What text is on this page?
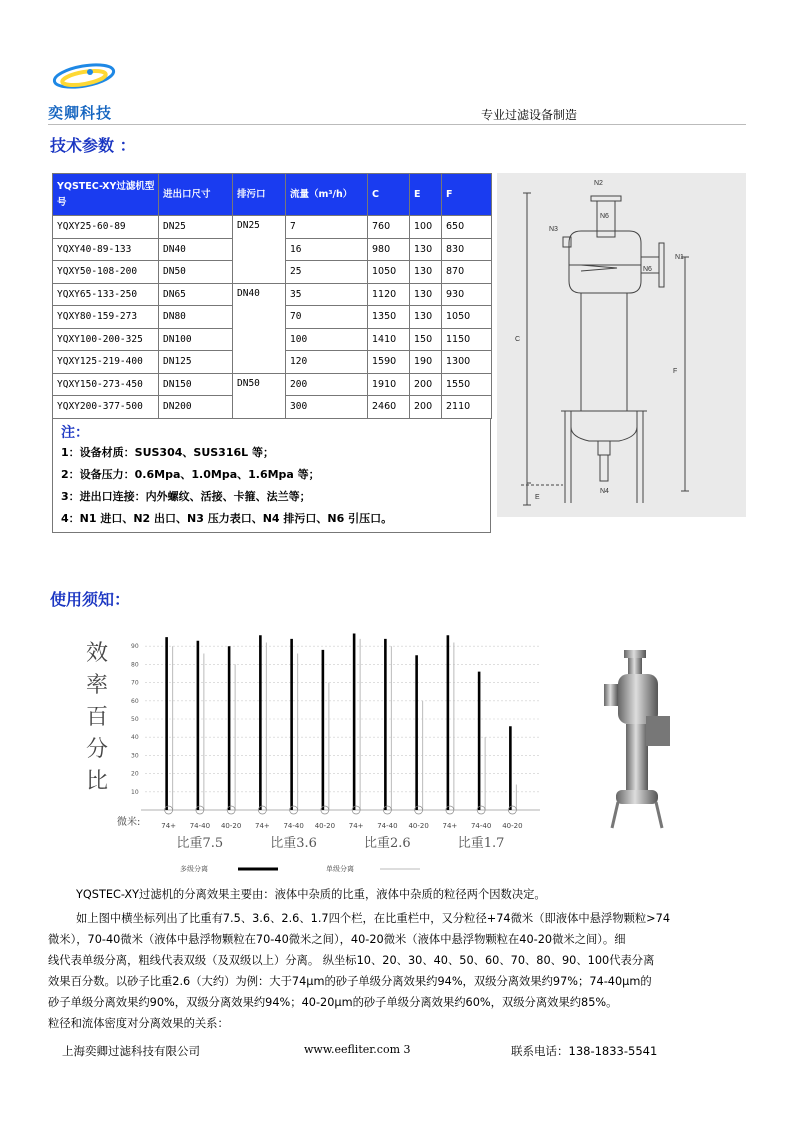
奕卿科技	专业过滤设备制造
技术参数 ：
YQSTEC-XY过滤机型号	进出口尺寸	排污口	流量（m³/h）	C	E	F
YQXY25-60-89	DN25	DN25	7	760	100	650
YQXY40-89-133	DN40		16	980	130	830
YQXY50-108-200	DN50		25	1050	130	870
YQXY65-133-250	DN65	DN40	35	1120	130	930
YQXY80-159-273	DN80		70	1350	130	1050
YQXY100-200-325	DN100		100	1410	150	1150
YQXY125-219-400	DN125		120	1590	190	1300
YQXY150-273-450	DN150	DN50	200	1910	200	1550
YQXY200-377-500	DN200		300	2460	200	2110
注：
1：设备材质：SUS304、SUS316L 等；
2：设备压力：0.6Mpa、1.0Mpa、1.6Mpa 等；
3：进出口连接：内外螺纹、活接、卡箍、法兰等；
4：N1 进口、N2 出口、N3 压力表口、N4 排污口、N6 引压口。
N2
N6
N3
N1
N6
C
F
E
N4
使用须知：
效
率
百
分
比	10
20
30
40
50
60
70
80
90
微米:	74+ 74-40 40-20 74+ 74-40 40-20 74+ 74-40 40-20 74+ 74-40 40-20
比重7.5	比重3.6	比重2.6	比重1.7
多级分离	单级分离
YQSTEC-XY过滤机的分离效果主要由：液体中杂质的比重，液体中杂质的粒径两个因数决定。
如上图中横坐标列出了比重有7.5、3.6、2.6、1.7四个栏，在比重栏中，又分粒径+74微米（即液体中悬浮物颗粒>74
微米），70-40微米（液体中悬浮物颗粒在70-40微米之间），40-20微米（液体中悬浮物颗粒在40-20微米之间）。细
线代表单级分离，粗线代表双级（及双级以上）分离。 纵坐标10、20、30、40、50、60、70、80、90、100代表分离
效果百分数。以砂子比重2.6（大约）为例：大于74μm的砂子单级分离效果约94%，双级分离效果约97%；74-40μm的
砂子单级分离效果约90%，双级分离效果约94%；40-20μm的砂子单级分离效果约60%，双级分离效果约85%。
粒径和流体密度对分离效果的关系：
上海奕卿过滤科技有限公司	www.eefliter.com 3	联系电话：138-1833-5541
